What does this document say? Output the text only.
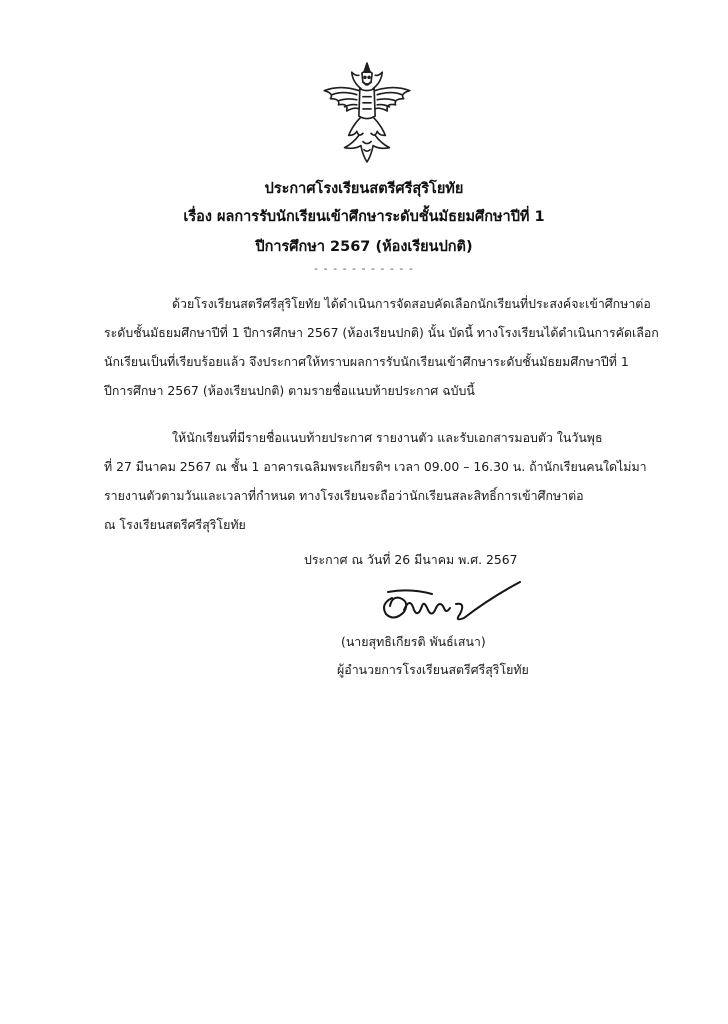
ประกาศโรงเรียนสตรีศรีสุริโยทัย
เรื่อง ผลการรับนักเรียนเข้าศึกษาระดับชั้นมัธยมศึกษาปีที่ 1
ปีการศึกษา 2567 (ห้องเรียนปกติ)
- - - - - - - - - - -
ด้วยโรงเรียนสตรีศรีสุริโยทัย ได้ดำเนินการจัดสอบคัดเลือกนักเรียนที่ประสงค์จะเข้าศึกษาต่อ
ระดับชั้นมัธยมศึกษาปีที่ 1 ปีการศึกษา 2567 (ห้องเรียนปกติ) นั้น บัดนี้ ทางโรงเรียนได้ดำเนินการคัดเลือก
นักเรียนเป็นที่เรียบร้อยแล้ว จึงประกาศให้ทราบผลการรับนักเรียนเข้าศึกษาระดับชั้นมัธยมศึกษาปีที่ 1
ปีการศึกษา 2567 (ห้องเรียนปกติ) ตามรายชื่อแนบท้ายประกาศ ฉบับนี้
ให้นักเรียนที่มีรายชื่อแนบท้ายประกาศ รายงานตัว และรับเอกสารมอบตัว ในวันพุธ
ที่ 27 มีนาคม 2567 ณ ชั้น 1 อาคารเฉลิมพระเกียรติฯ เวลา 09.00 – 16.30 น. ถ้านักเรียนคนใดไม่มา
รายงานตัวตามวันและเวลาที่กำหนด ทางโรงเรียนจะถือว่านักเรียนสละสิทธิ์การเข้าศึกษาต่อ
ณ โรงเรียนสตรีศรีสุริโยทัย
ประกาศ ณ วันที่ 26 มีนาคม พ.ศ. 2567
(นายสุทธิเกียรติ พันธ์เสนา)
ผู้อำนวยการโรงเรียนสตรีศรีสุริโยทัย
